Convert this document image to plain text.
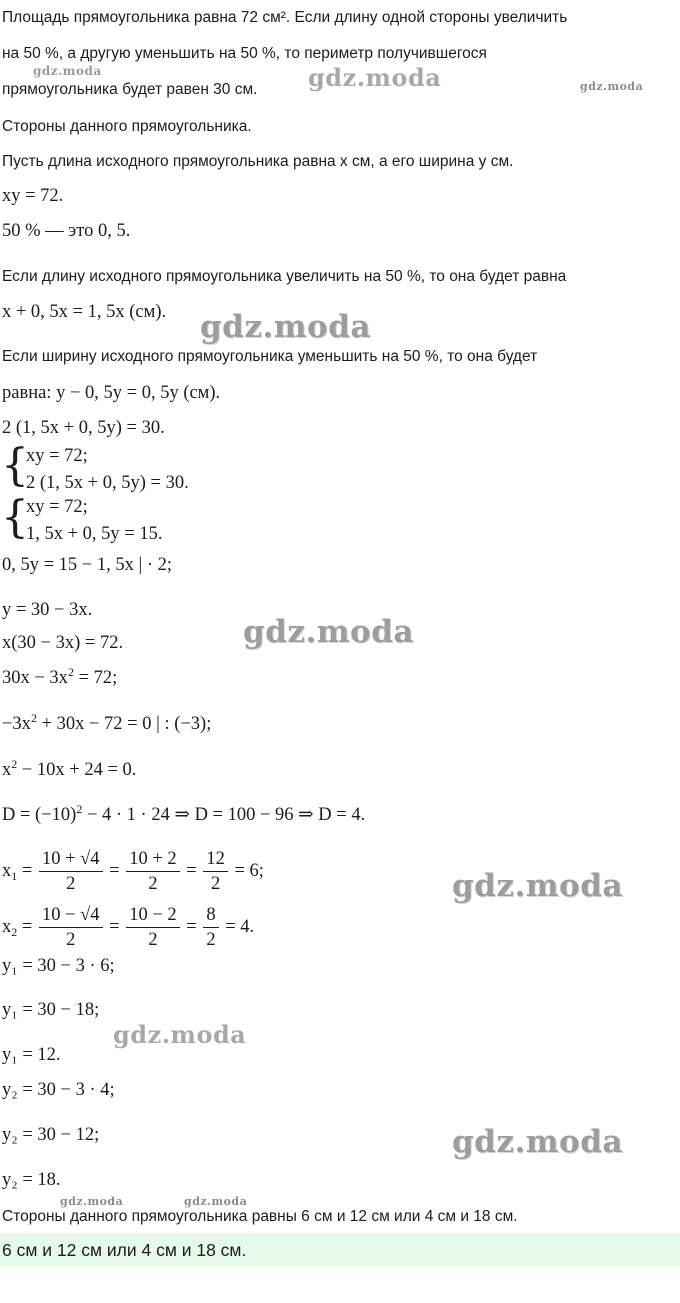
Площадь прямоугольника равна 72 см². Если длину одной стороны увеличить
на 50 %, а другую уменьшить на 50 %, то периметр получившегося
прямоугольника будет равен 30 см.
Стороны данного прямоугольника.
Пусть длина исходного прямоугольника равна x см, а его ширина y см.
xy = 72.
50 % — это 0, 5.
Если длину исходного прямоугольника увеличить на 50 %, то она будет равна
x + 0, 5x = 1, 5x (см).
Если ширину исходного прямоугольника уменьшить на 50 %, то она будет
равна: y − 0, 5y = 0, 5y (см).
2 (1, 5x + 0, 5y) = 30.
{
xy = 72;
2 (1, 5x + 0, 5y) = 30.
{
xy = 72;
1, 5x + 0, 5y = 15.
0, 5y = 15 − 1, 5x | · 2;
y = 30 − 3x.
x(30 − 3x) = 72.
$30x - 3x^2 = 72$;
$-3x^2 + 30x - 72 = 0$ | : (−3);
$x^2 - 10x + 24 = 0$.
$D = (-10)^2 - 4 \cdot 1 \cdot 24$ ⇒ D = 100 − 96 ⇒ D = 4.
$x_1 = \frac{10 + √4}{2} = \frac{10 + 2}{2} = \frac{12}{2} = 6$;
$x_2 = \frac{10 - √4}{2} = \frac{10 - 2}{2} = \frac{8}{2} = 4$.
y₁ = 30 − 3 · 6;
y₁ = 30 − 18;
y₁ = 12.
y₂ = 30 − 3 · 4;
y₂ = 30 − 12;
y₂ = 18.
Стороны данного прямоугольника равны 6 см и 12 см или 4 см и 18 см.
6 см и 12 см или 4 см и 18 см.
gdz.moda	gdz.moda	gdz.moda
gdz.moda
gdz.moda
gdz.moda
gdz.moda
gdz.moda
gdz.moda	gdz.moda
